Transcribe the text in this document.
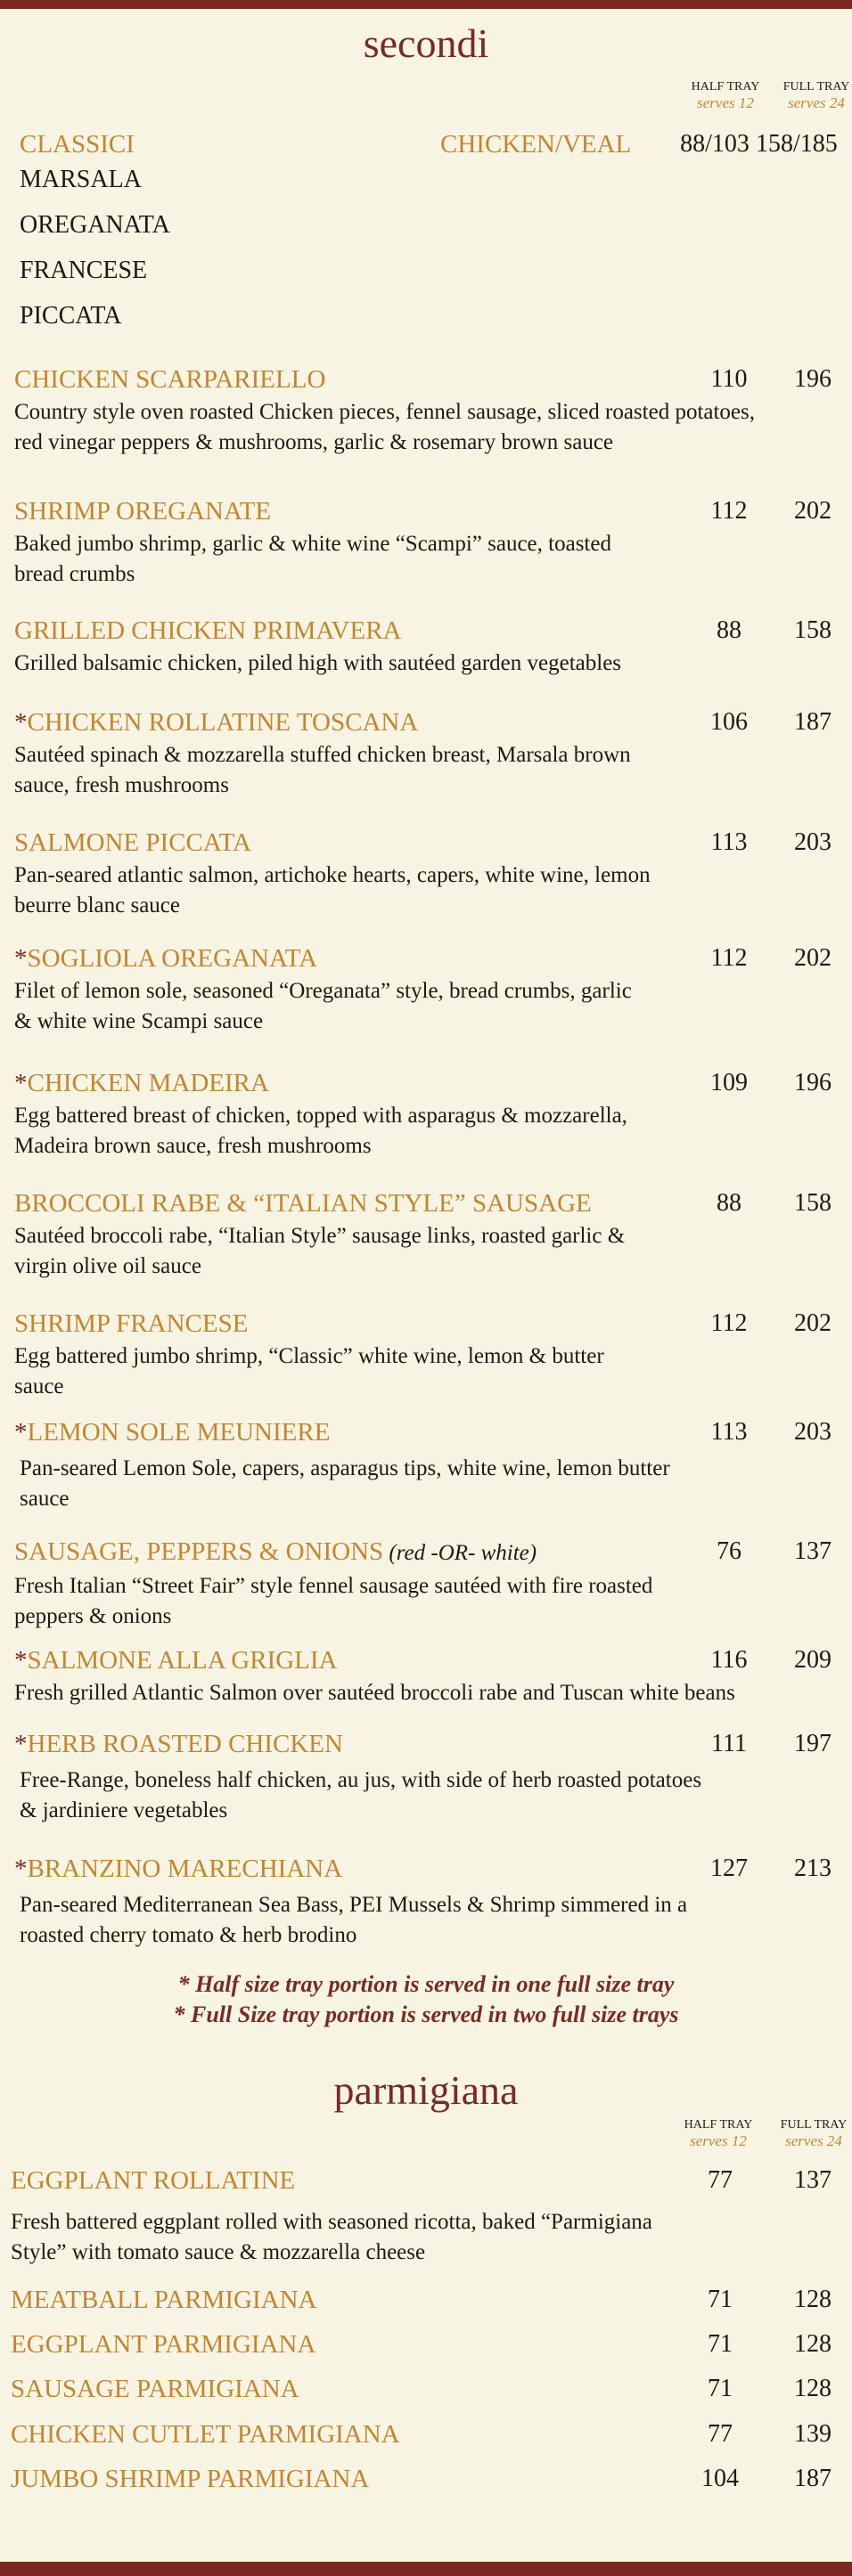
secondi
HALF TRAY
serves 12
FULL TRAY
serves 24
CLASSICI	CHICKEN/VEAL	88/103 158/185
MARSALA
OREGANATA
FRANCESE
PICCATA
CHICKEN SCARPARIELLO
Country style oven roasted Chicken pieces, fennel sausage, sliced roasted potatoes, red vinegar peppers & mushrooms, garlic & rosemary brown sauce
110	196
SHRIMP OREGANATE
Baked jumbo shrimp, garlic & white wine “Scampi” sauce, toasted bread crumbs
112	202
GRILLED CHICKEN PRIMAVERA
Grilled balsamic chicken, piled high with sautéed garden vegetables
88	158
*CHICKEN ROLLATINE TOSCANA
Sautéed spinach & mozzarella stuffed chicken breast, Marsala brown sauce, fresh mushrooms
106	187
SALMONE PICCATA
Pan-seared atlantic salmon, artichoke hearts, capers, white wine, lemon beurre blanc sauce
113	203
*SOGLIOLA OREGANATA
Filet of lemon sole, seasoned “Oreganata” style, bread crumbs, garlic & white wine Scampi sauce
112	202
*CHICKEN MADEIRA
Egg battered breast of chicken, topped with asparagus & mozzarella, Madeira brown sauce, fresh mushrooms
109	196
BROCCOLI RABE & “ITALIAN STYLE” SAUSAGE
Sautéed broccoli rabe, “Italian Style” sausage links, roasted garlic & virgin olive oil sauce
88	158
SHRIMP FRANCESE
Egg battered jumbo shrimp, “Classic” white wine, lemon & butter sauce
112	202
*LEMON SOLE MEUNIERE
Pan-seared Lemon Sole, capers, asparagus tips, white wine, lemon butter sauce
113	203
SAUSAGE, PEPPERS & ONIONS (red -OR- white)
Fresh Italian “Street Fair” style fennel sausage sautéed with fire roasted peppers & onions
76	137
*SALMONE ALLA GRIGLIA
Fresh grilled Atlantic Salmon over sautéed broccoli rabe and Tuscan white beans
116	209
*HERB ROASTED CHICKEN
Free-Range, boneless half chicken, au jus, with side of herb roasted potatoes & jardiniere vegetables
111	197
*BRANZINO MARECHIANA
Pan-seared Mediterranean Sea Bass, PEI Mussels & Shrimp simmered in a roasted cherry tomato & herb brodino
127	213
* Half size tray portion is served in one full size tray
* Full Size tray portion is served in two full size trays
parmigiana
HALF TRAY
serves 12
FULL TRAY
serves 24
EGGPLANT ROLLATINE
Fresh battered eggplant rolled with seasoned ricotta, baked “Parmigiana Style” with tomato sauce & mozzarella cheese
77	137
MEATBALL PARMIGIANA	71	128
EGGPLANT PARMIGIANA	71	128
SAUSAGE PARMIGIANA	71	128
CHICKEN CUTLET PARMIGIANA	77	139
JUMBO SHRIMP PARMIGIANA	104	187
